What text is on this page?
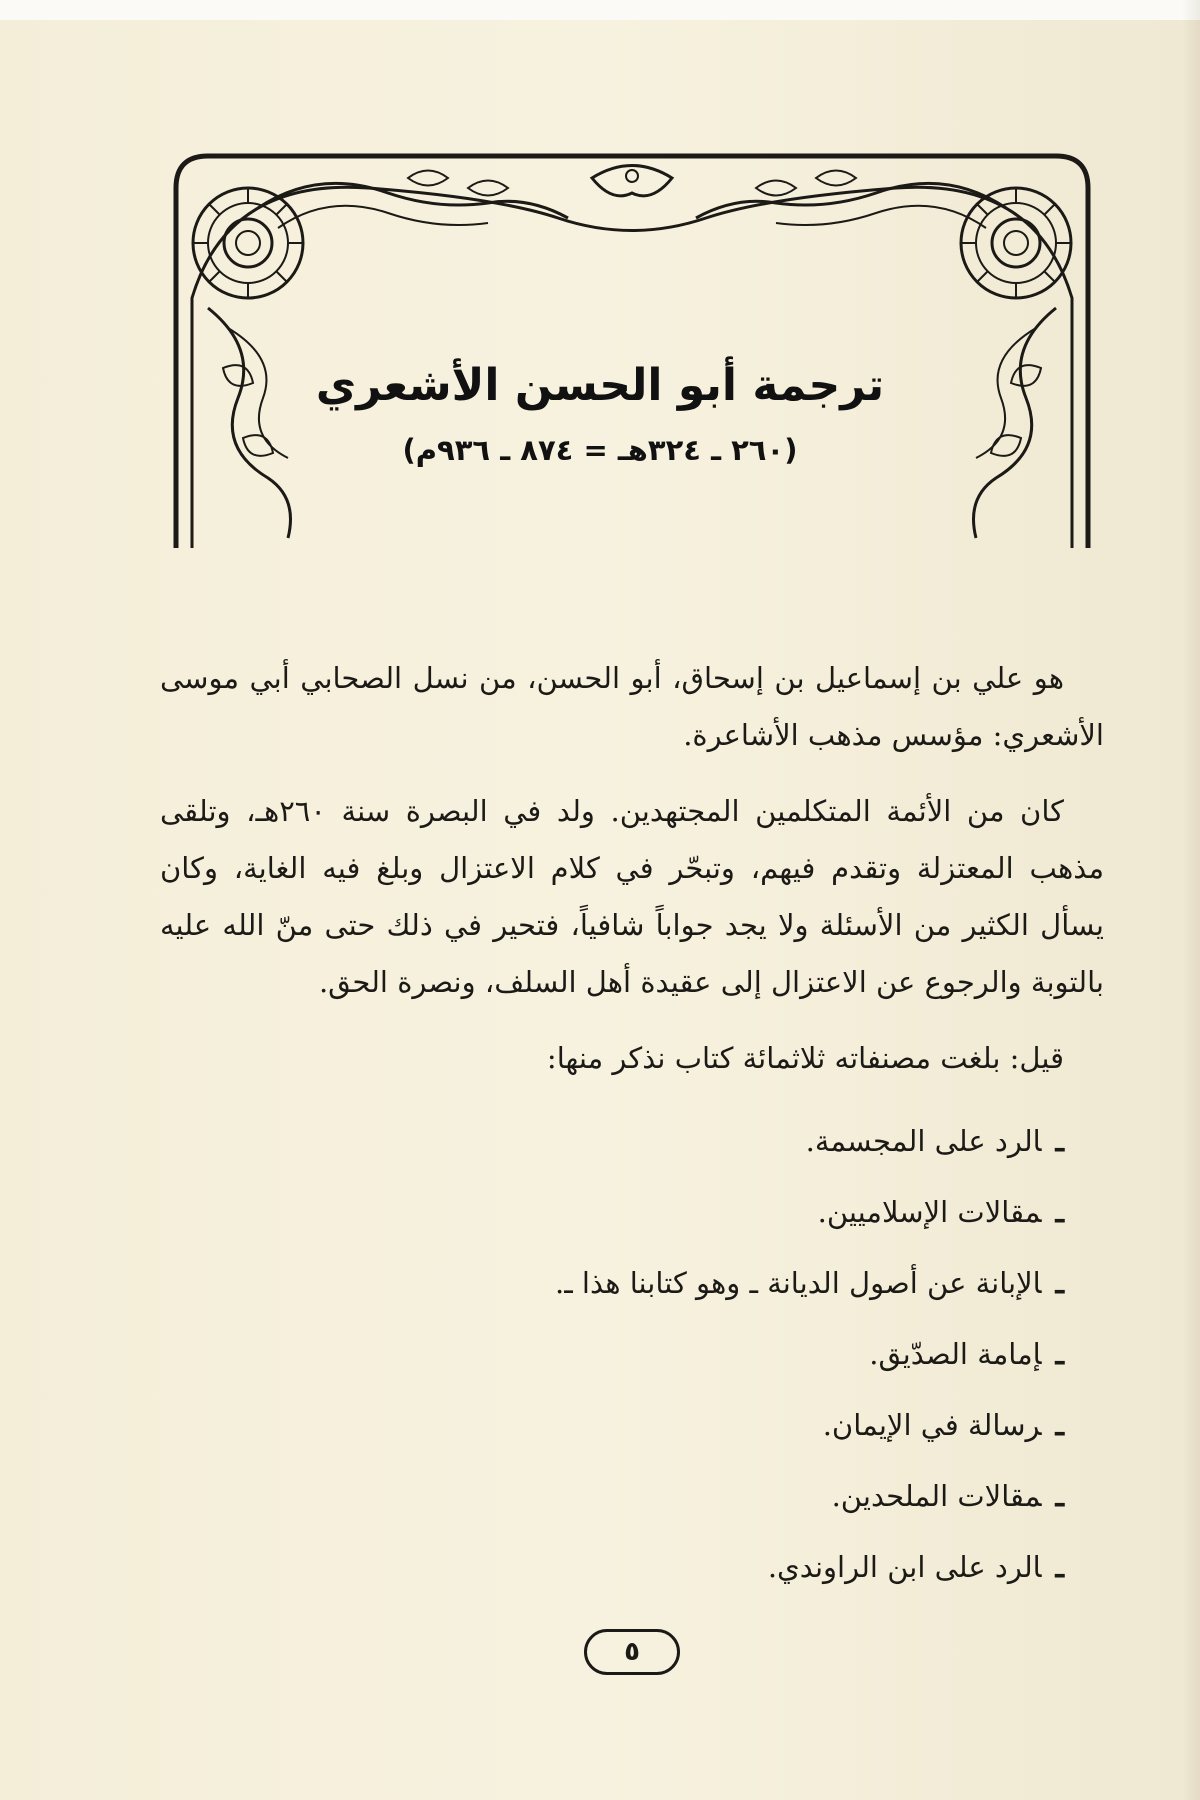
ترجمة أبو الحسن الأشعري
(٢٦٠ ـ ٣٢٤هـ = ٨٧٤ ـ ٩٣٦م)

هو علي بن إسماعيل بن إسحاق، أبو الحسن، من نسل الصحابي أبي موسى الأشعري: مؤسس مذهب الأشاعرة.

كان من الأئمة المتكلمين المجتهدين. ولد في البصرة سنة ٢٦٠هـ، وتلقى مذهب المعتزلة وتقدم فيهم، وتبحّر في كلام الاعتزال وبلغ فيه الغاية، وكان يسأل الكثير من الأسئلة ولا يجد جواباً شافياً، فتحير في ذلك حتى منّ الله عليه بالتوبة والرجوع عن الاعتزال إلى عقيدة أهل السلف، ونصرة الحق.

قيل: بلغت مصنفاته ثلاثمائة كتاب نذكر منها:

ـالرد على المجسمة.
ـمقالات الإسلاميين.
ـالإبانة عن أصول الديانة ـ وهو كتابنا هذا ـ.
ـإمامة الصدّيق.
ـرسالة في الإيمان.
ـمقالات الملحدين.
ـالرد على ابن الراوندي.
٥
